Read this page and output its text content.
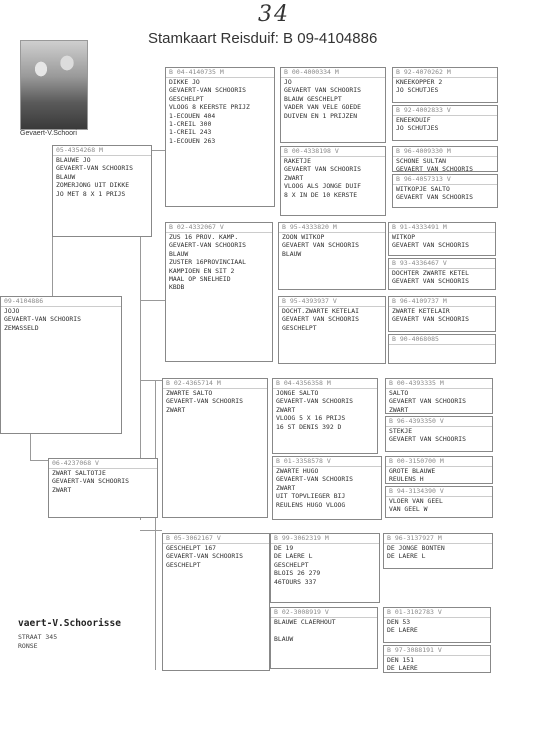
34
Stamkaart Reisduif: B 09-4104886
Gevaert-V.Schoori
09-4104886
JOJO
GEVAERT-VAN SCHOORIS
ZEMASSELD
vaert-V.Schoorisse
STRAAT 345
RONSE
05-4354268 M
BLAUWE JO
GEVAERT-VAN SCHOORIS
BLAUW
ZOMERJONG UIT DIKKE
JO MET 8 X 1 PRIJS
06-4237068 V
ZWART SALTOTJE
GEVAERT-VAN SCHOORIS
ZWART
B 04-4140735 M
DIKKE JO
GEVAERT-VAN SCHOORIS
GESCHELPT
VLOOG 8 KEERSTE PRIJZ
1-ECOUEN 404
1-CREIL 300
1-CREIL 243
1-ECOUEN 263
B 02-4332067 V
ZUS 16 PROV. KAMP.
GEVAERT-VAN SCHOORIS
BLAUW
ZUSTER 16PROVINCIAAL
KAMPIOEN EN SIT 2
MAAL OP SNELHEID
KBDB
B 02-4365714 M
ZWARTE SALTO
GEVAERT-VAN SCHOORIS
ZWART
B 05-3062167 V
GESCHELPT 167
GEVAERT-VAN SCHOORIS
GESCHELPT
B 00-4000334 M
JO
GEVAERT VAN SCHOORIS
BLAUW GESCHELPT
VADER VAN VELE GOEDE
DUIVEN EN 1 PRIJZEN
B 00-4338198 V
RAKETJE
GEVAERT VAN SCHOORIS
ZWART
VLOOG ALS JONGE DUIF
8 X IN DE 10 KERSTE
B 95-4333820 M
ZOON WITKOP
GEVAERT VAN SCHOORIS
BLAUW
B 95-4393937 V
DOCHT.ZWARTE KETELAI
GEVAERT VAN SCHOORIS
GESCHELPT
B 04-4356358 M
JONGE SALTO
GEVAERT-VAN SCHOORIS
ZWART
VLOOG 5 X 16 PRIJS
16 ST DENIS 392 D
B 01-3358578 V
ZWARTE HUGO
GEVAERT-VAN SCHOORIS
ZWART
UIT TOPVLIEGER BIJ
REULENS HUGO VLOOG
B 99-3062319 M
DE 19
DE LAERE L
GESCHELPT
BLOIS 26 279
46TOURS 337
B 02-3008919 V
BLAUWE CLAERHOUT
BLAUW
B 92-4070262 M
KNEEKOPPER 2
JO SCHUTJES
B 92-4002833 V
ENEEKDUIF
JO SCHUTJES
B 96-4009330 M
SCHONE SULTAN
GEVAERT VAN SCHOORIS
B 96-4057313 V
WITKOPJE SALTO
GEVAERT VAN SCHOORIS
B 91-4333491 M
WITKOP
GEVAERT VAN SCHOORIS
B 93-4336467 V
DOCHTER ZWARTE KETEL
GEVAERT VAN SCHOORIS
B 96-4109737 M
ZWARTE KETELAIR
GEVAERT VAN SCHOORIS
B 90-4068085
B 00-4393335 M
SALTO
GEVAERT VAN SCHOORIS
ZWART
B 96-4393350 V
STEKJE
GEVAERT VAN SCHOORIS
B 00-3150700 M
GROTE BLAUWE
REULENS H
B 94-3134390 V
VLOER VAN GEEL
VAN GEEL W
B 96-3137927 M
DE JONGE BONTEN
DE LAERE L
B 01-3102783 V
DEN 53
DE LAERE
B 97-3088191 V
DEN 151
DE LAERE
